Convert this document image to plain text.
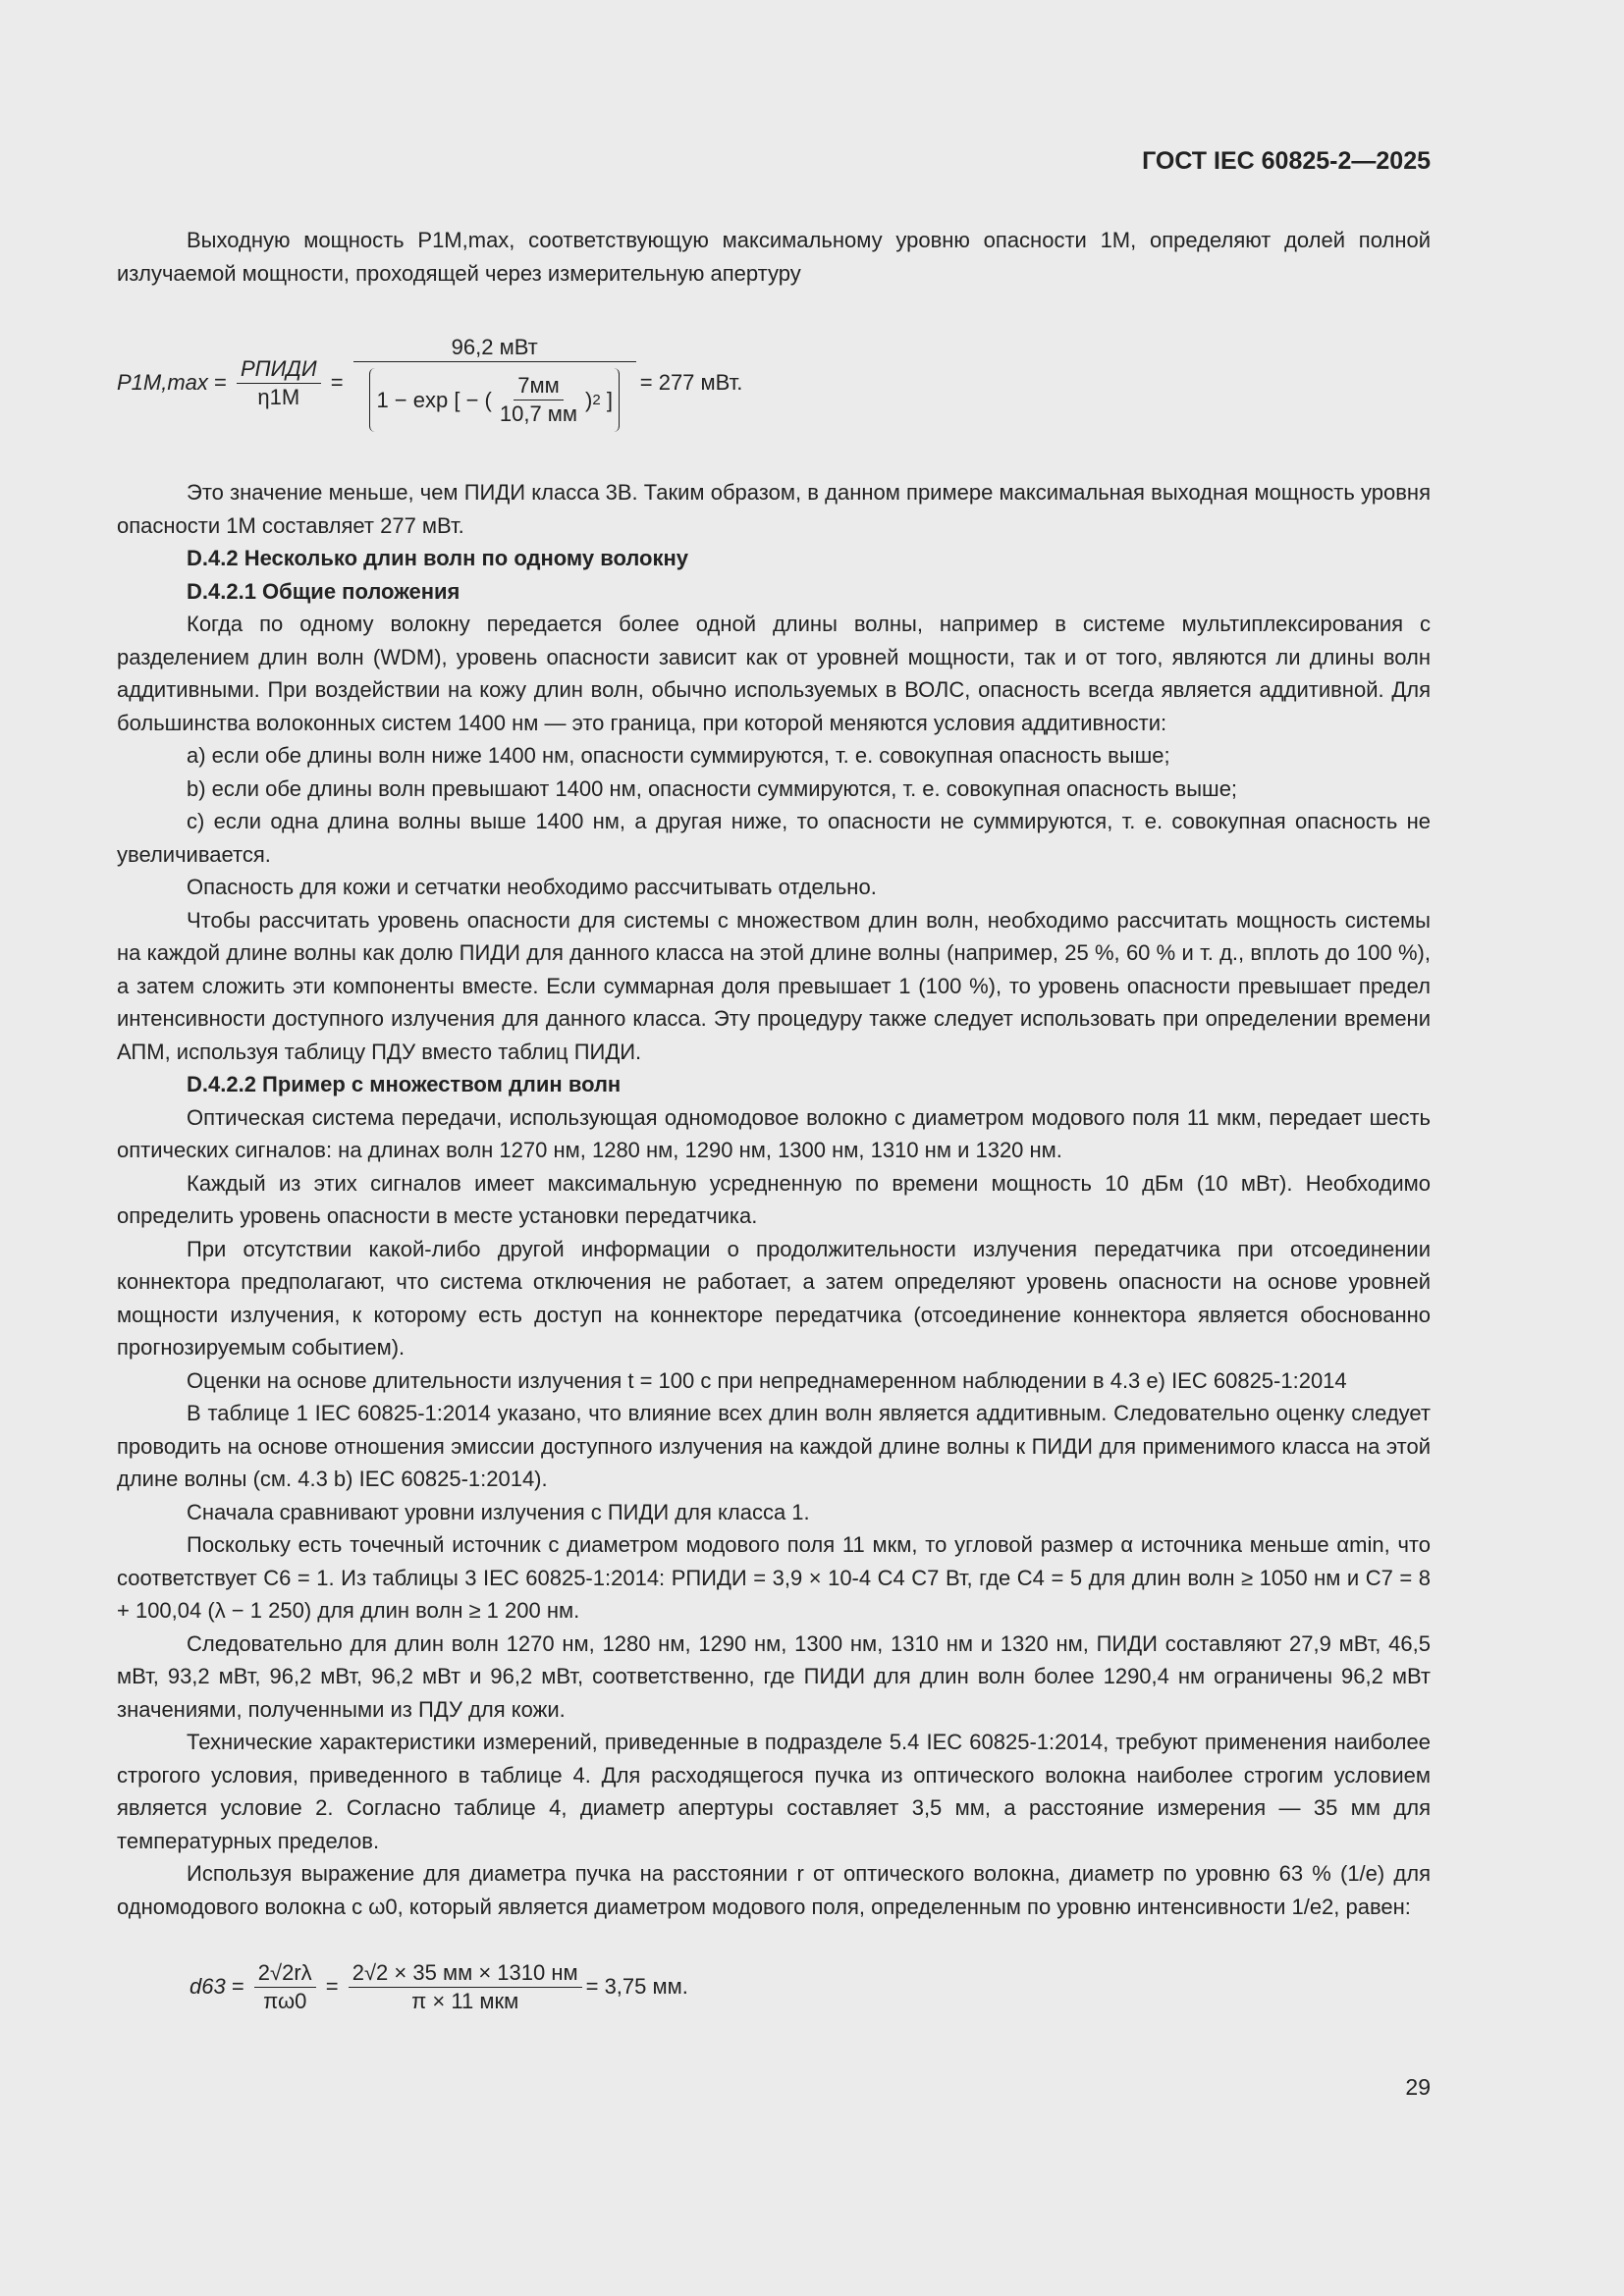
ГОСТ IEC 60825-2—2025

Выходную мощность P1M,max, соответствующую максимальному уровню опасности 1М, определяют долей полной излучаемой мощности, проходящей через измерительную апертуру

$P1M,\max = \frac{\text{PПИДИ}}{\eta 1M}$ =
96,2 мВт
1 − exp [ − ( $\frac{7мм}{10,7 мм}$ ) 2 ]
= 277 мВт.

Это значение меньше, чем ПИДИ класса 3В. Таким образом, в данном примере максимальная выходная мощность уровня опасности 1М составляет 277 мВт.

D.4.2 Несколько длин волн по одному волокну

D.4.2.1 Общие положения

Когда по одному волокну передается более одной длины волны, например в системе мультиплексирования с разделением длин волн (WDM), уровень опасности зависит как от уровней мощности, так и от того, являются ли длины волн аддитивными. При воздействии на кожу длин волн, обычно используемых в ВОЛС, опасность всегда является аддитивной. Для большинства волоконных систем 1400 нм — это граница, при которой меняются условия аддитивности:

a) если обе длины волн ниже 1400 нм, опасности суммируются, т. е. совокупная опасность выше;

b) если обе длины волн превышают 1400 нм, опасности суммируются, т. е. совокупная опасность выше;

c) если одна длина волны выше 1400 нм, а другая ниже, то опасности не суммируются, т. е. совокупная опасность не увеличивается.

Опасность для кожи и сетчатки необходимо рассчитывать отдельно.

Чтобы рассчитать уровень опасности для системы с множеством длин волн, необходимо рассчитать мощность системы на каждой длине волны как долю ПИДИ для данного класса на этой длине волны (например, 25 %, 60 % и т. д., вплоть до 100 %), а затем сложить эти компоненты вместе. Если суммарная доля превышает 1 (100 %), то уровень опасности превышает предел интенсивности доступного излучения для данного класса. Эту процедуру также следует использовать при определении времени АПМ, используя таблицу ПДУ вместо таблиц ПИДИ.

D.4.2.2 Пример с множеством длин волн

Оптическая система передачи, использующая одномодовое волокно с диаметром модового поля 11 мкм, передает шесть оптических сигналов: на длинах волн 1270 нм, 1280 нм, 1290 нм, 1300 нм, 1310 нм и 1320 нм.

Каждый из этих сигналов имеет максимальную усредненную по времени мощность 10 дБм (10 мВт). Необходимо определить уровень опасности в месте установки передатчика.

При отсутствии какой-либо другой информации о продолжительности излучения передатчика при отсоединении коннектора предполагают, что система отключения не работает, а затем определяют уровень опасности на основе уровней мощности излучения, к которому есть доступ на коннекторе передатчика (отсоединение коннектора является обоснованно прогнозируемым событием).

Оценки на основе длительности излучения t = 100 с при непреднамеренном наблюдении в 4.3 e) IEC 60825-1:2014

В таблице 1 IEC 60825-1:2014 указано, что влияние всех длин волн является аддитивным. Следовательно оценку следует проводить на основе отношения эмиссии доступного излучения на каждой длине волны к ПИДИ для применимого класса на этой длине волны (см. 4.3 b) IEC 60825-1:2014).

Сначала сравнивают уровни излучения с ПИДИ для класса 1.

Поскольку есть точечный источник с диаметром модового поля 11 мкм, то угловой размер α источника меньше αmin, что соответствует C6 = 1. Из таблицы 3 IEC 60825-1:2014: PПИДИ = 3,9 × 10-4 C4 C7 Вт, где C4 = 5 для длин волн ≥ 1050 нм и C7 = 8 + 100,04 (λ − 1 250) для длин волн ≥ 1 200 нм.

Следовательно для длин волн 1270 нм, 1280 нм, 1290 нм, 1300 нм, 1310 нм и 1320 нм, ПИДИ составляют 27,9 мВт, 46,5 мВт, 93,2 мВт, 96,2 мВт, 96,2 мВт и 96,2 мВт, соответственно, где ПИДИ для длин волн более 1290,4 нм ограничены 96,2 мВт значениями, полученными из ПДУ для кожи.

Технические характеристики измерений, приведенные в подразделе 5.4 IEC 60825-1:2014, требуют применения наиболее строгого условия, приведенного в таблице 4. Для расходящегося пучка из оптического волокна наиболее строгим условием является условие 2. Согласно таблице 4, диаметр апертуры составляет 3,5 мм, а расстояние измерения — 35 мм для температурных пределов.

Используя выражение для диаметра пучка на расстоянии r от оптического волокна, диаметр по уровню 63 % (1/e) для одномодового волокна с ω0, который является диаметром модового поля, определенным по уровню интенсивности 1/e2, равен:

$d63 = \frac{2√2r\lambda}{\pi\omega 0} = \frac{2√2 \times 35 мм \times 1310 нм}{\text{π × 11 мкм}} = 3,75$ мм.
29
